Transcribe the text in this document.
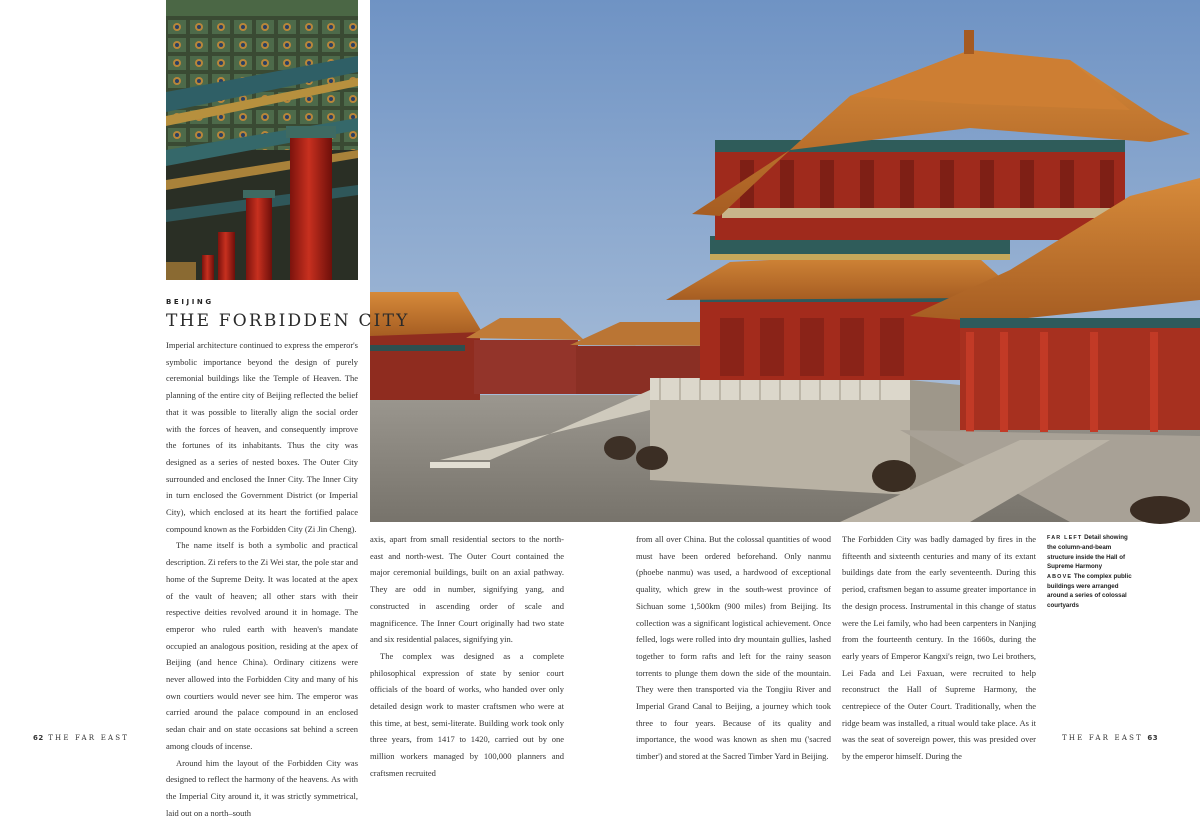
BEIJING
THE FORBIDDEN CITY

Imperial architecture continued to express the emperor's symbolic importance beyond the design of purely ceremonial buildings like the Temple of Heaven. The planning of the entire city of Beijing reflected the belief that it was possible to literally align the social order with the forces of heaven, and consequently improve the fortunes of its inhabitants. Thus the city was designed as a series of nested boxes. The Outer City surrounded and enclosed the Inner City. The Inner City in turn enclosed the Government District (or Imperial City), which enclosed at its heart the fortified palace compound known as the Forbidden City (Zi Jin Cheng).

The name itself is both a symbolic and practical description. Zi refers to the Zi Wei star, the pole star and home of the Supreme Deity. It was located at the apex of the vault of heaven; all other stars with their respective deities revolved around it in homage. The emperor who ruled earth with heaven's mandate occupied an analogous position, residing at the apex of Beijing (and hence China). Ordinary citizens were never allowed into the Forbidden City and many of his own courtiers would never see him. The emperor was carried around the palace compound in an enclosed sedan chair and on state occasions sat behind a screen among clouds of incense.

Around him the layout of the Forbidden City was designed to reflect the harmony of the heavens. As with the Imperial City around it, it was strictly symmetrical, laid out on a north–south

axis, apart from small residential sectors to the north-east and north-west. The Outer Court contained the major ceremonial buildings, built on an axial pathway. They are odd in number, signifying yang, and constructed in ascending order of scale and magnificence. The Inner Court originally had two state and six residential palaces, signifying yin.

The complex was designed as a complete philosophical expression of state by senior court officials of the board of works, who handed over only detailed design work to master craftsmen who were at this time, at best, semi-literate. Building work took only three years, from 1417 to 1420, carried out by one million workers managed by 100,000 planners and craftsmen recruited

from all over China. But the colossal quantities of wood must have been ordered beforehand. Only nanmu (phoebe nanmu) was used, a hardwood of exceptional quality, which grew in the south-west province of Sichuan some 1,500km (900 miles) from Beijing. Its collection was a significant logistical achievement. Once felled, logs were rolled into dry mountain gullies, lashed together to form rafts and left for the rainy season torrents to plunge them down the side of the mountain. They were then transported via the Tongjiu River and Imperial Grand Canal to Beijing, a journey which took three to four years. Because of its quality and importance, the wood was known as shen mu ('sacred timber') and stored at the Sacred Timber Yard in Beijing.

The Forbidden City was badly damaged by fires in the fifteenth and sixteenth centuries and many of its extant buildings date from the early seventeenth. During this period, craftsmen began to assume greater importance in the design process. Instrumental in this change of status were the Lei family, who had been carpenters in Nanjing from the fourteenth century. In the 1660s, during the early years of Emperor Kangxi's reign, two Lei brothers, Lei Fada and Lei Faxuan, were recruited to help reconstruct the Hall of Supreme Harmony, the centrepiece of the Outer Court. Traditionally, when the ridge beam was installed, a ritual would take place. As it was the seat of sovereign power, this was presided over by the emperor himself. During the

FAR LEFT Detail showing the column-and-beam structure inside the Hall of Supreme Harmony

ABOVE The complex public buildings were arranged around a series of colossal courtyards

62 THE FAR EAST	THE FAR EAST 63
